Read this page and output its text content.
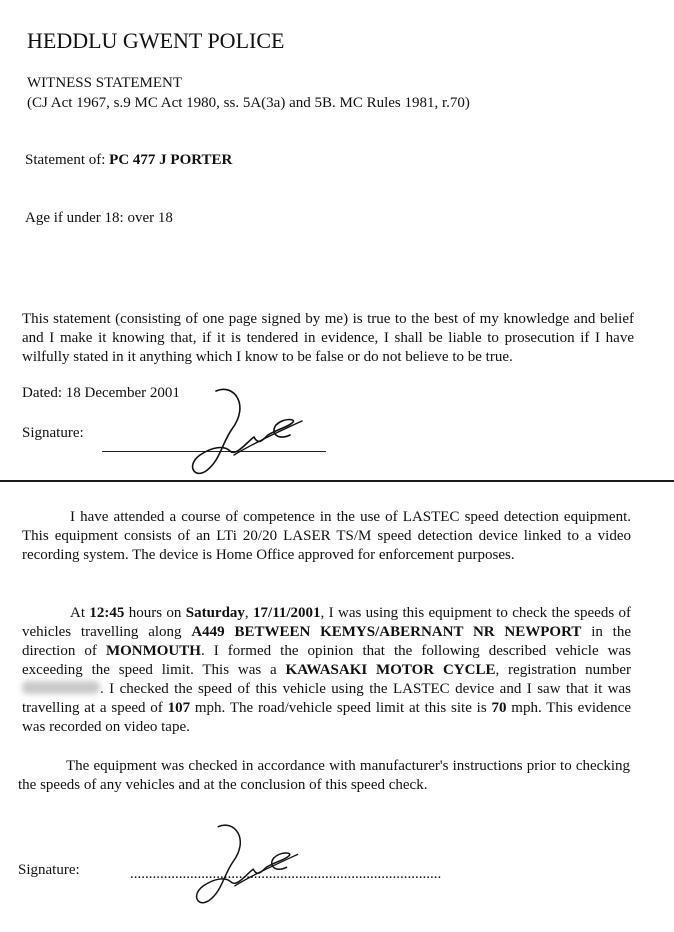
HEDDLU GWENT POLICE
WITNESS STATEMENT
(CJ Act 1967, s.9 MC Act 1980, ss. 5A(3a) and 5B. MC Rules 1981, r.70)
Statement of: PC 477 J PORTER
Age if under 18: over 18
This statement (consisting of one page signed by me) is true to the best of my knowledge and belief and I make it knowing that, if it is tendered in evidence, I shall be liable to prosecution if I have wilfully stated in it anything which I know to be false or do not believe to be true.
Dated: 18 December 2001
Signature:
I have attended a course of competence in the use of LASTEC speed detection equipment. This equipment consists of an LTi 20/20 LASER TS/M speed detection device linked to a video recording system. The device is Home Office approved for enforcement purposes.
At 12:45 hours on Saturday, 17/11/2001, I was using this equipment to check the speeds of vehicles travelling along A449 BETWEEN KEMYS/ABERNANT NR NEWPORT in the direction of MONMOUTH. I formed the opinion that the following described vehicle was exceeding the speed limit. This was a KAWASAKI MOTOR CYCLE, registration number . I checked the speed of this vehicle using the LASTEC device and I saw that it was travelling at a speed of 107 mph. The road/vehicle speed limit at this site is 70 mph. This evidence was recorded on video tape.
The equipment was checked in accordance with manufacturer's instructions prior to checking the speeds of any vehicles and at the conclusion of this speed check.
Signature:	...................................................................................
